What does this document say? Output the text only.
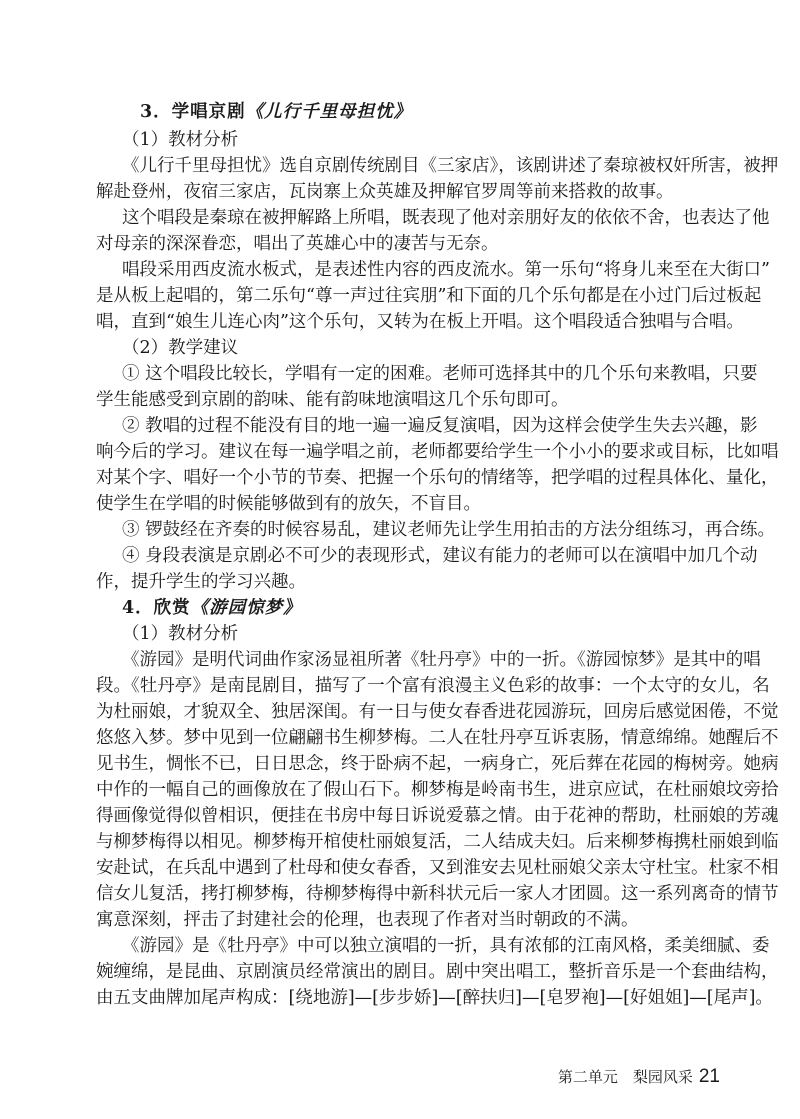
3．学唱京剧《儿行千里母担忧》
（1）教材分析
《儿行千里母担忧》选自京剧传统剧目《三家店》，该剧讲述了秦琼被权奸所害，被押
解赴登州，夜宿三家店，瓦岗寨上众英雄及押解官罗周等前来搭救的故事。
这个唱段是秦琼在被押解路上所唱，既表现了他对亲朋好友的依依不舍，也表达了他
对母亲的深深眷恋，唱出了英雄心中的凄苦与无奈。
唱段采用西皮流水板式，是表述性内容的西皮流水。第一乐句“将身儿来至在大街口”
是从板上起唱的，第二乐句“尊一声过往宾朋”和下面的几个乐句都是在小过门后过板起
唱，直到“娘生儿连心肉”这个乐句，又转为在板上开唱。这个唱段适合独唱与合唱。
（2）教学建议
① 这个唱段比较长，学唱有一定的困难。老师可选择其中的几个乐句来教唱，只要
学生能感受到京剧的韵味、能有韵味地演唱这几个乐句即可。
② 教唱的过程不能没有目的地一遍一遍反复演唱，因为这样会使学生失去兴趣，影
响今后的学习。建议在每一遍学唱之前，老师都要给学生一个小小的要求或目标，比如唱
对某个字、唱好一个小节的节奏、把握一个乐句的情绪等，把学唱的过程具体化、量化，
使学生在学唱的时候能够做到有的放矢，不盲目。
③ 锣鼓经在齐奏的时候容易乱，建议老师先让学生用拍击的方法分组练习，再合练。
④ 身段表演是京剧必不可少的表现形式，建议有能力的老师可以在演唱中加几个动
作，提升学生的学习兴趣。
4．欣赏《游园惊梦》
（1）教材分析
《游园》是明代词曲作家汤显祖所著《牡丹亭》中的一折。《游园惊梦》是其中的唱
段。《牡丹亭》是南昆剧目，描写了一个富有浪漫主义色彩的故事：一个太守的女儿，名
为杜丽娘，才貌双全、独居深闺。有一日与使女春香进花园游玩，回房后感觉困倦，不觉
悠悠入梦。梦中见到一位翩翩书生柳梦梅。二人在牡丹亭互诉衷肠，情意绵绵。她醒后不
见书生，惆怅不已，日日思念，终于卧病不起，一病身亡，死后葬在花园的梅树旁。她病
中作的一幅自己的画像放在了假山石下。柳梦梅是岭南书生，进京应试，在杜丽娘坟旁拾
得画像觉得似曾相识，便挂在书房中每日诉说爱慕之情。由于花神的帮助，杜丽娘的芳魂
与柳梦梅得以相见。柳梦梅开棺使杜丽娘复活，二人结成夫妇。后来柳梦梅携杜丽娘到临
安赴试，在兵乱中遇到了杜母和使女春香，又到淮安去见杜丽娘父亲太守杜宝。杜家不相
信女儿复活，拷打柳梦梅，待柳梦梅得中新科状元后一家人才团圆。这一系列离奇的情节
寓意深刻，抨击了封建社会的伦理，也表现了作者对当时朝政的不满。
《游园》是《牡丹亭》中可以独立演唱的一折，具有浓郁的江南风格，柔美细腻、委
婉缠绵，是昆曲、京剧演员经常演出的剧目。剧中突出唱工，整折音乐是一个套曲结构，
由五支曲牌加尾声构成：[绕地游]—[步步娇]—[醉扶归]—[皂罗袍]—[好姐姐]—[尾声]。
第二单元　梨园风采 21
